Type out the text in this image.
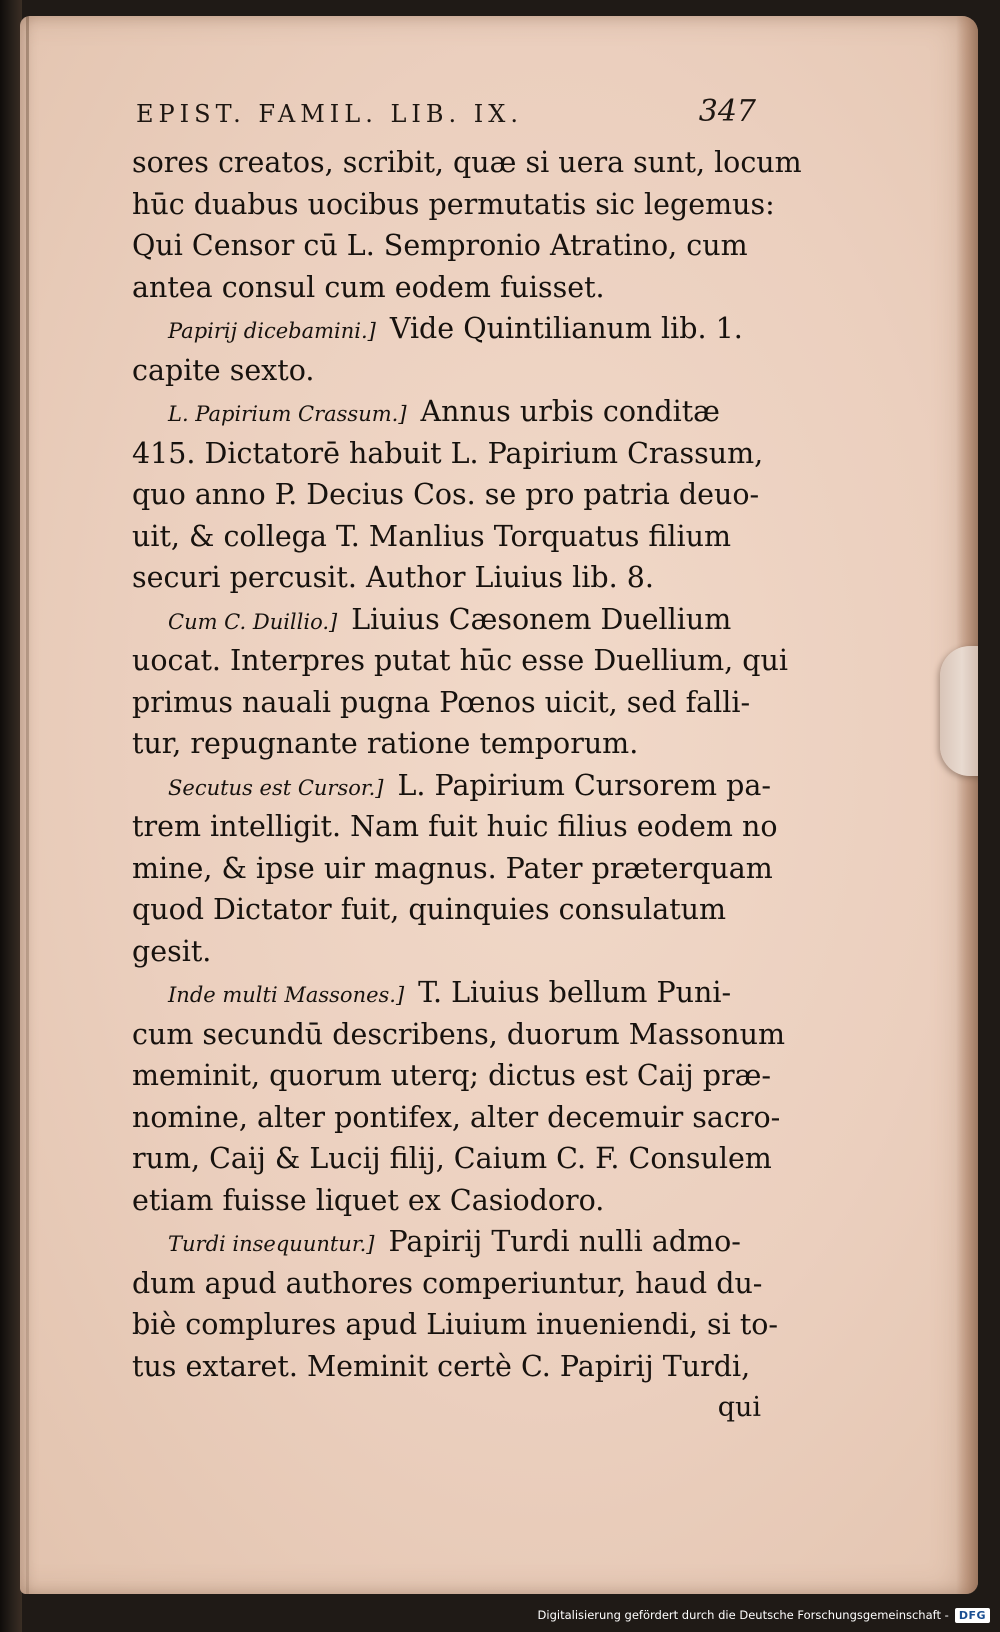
EPIST. FAMIL. LIB. IX.	347
sores creatos, scribit, quæ si uera sunt, locum
hūc duabus uocibus permutatis sic legemus:
Qui Censor cū L. Sempronio Atratino, cum
antea consul cum eodem fuisset.
Papirij dicebamini.] Vide Quintilianum lib. 1.
capite sexto.
L. Papirium Crassum.] Annus urbis conditæ
415. Dictatorē habuit L. Papirium Crassum,
quo anno P. Decius Cos. se pro patria deuo-
uit, & collega T. Manlius Torquatus filium
securi percusit. Author Liuius lib. 8.
Cum C. Duillio.] Liuius Cæsonem Duellium
uocat. Interpres putat hūc esse Duellium, qui
primus nauali pugna Pœnos uicit, sed falli-
tur, repugnante ratione temporum.
Secutus est Cursor.] L. Papirium Cursorem pa-
trem intelligit. Nam fuit huic filius eodem no
mine, & ipse uir magnus. Pater præterquam
quod Dictator fuit, quinquies consulatum
gesit.
Inde multi Massones.] T. Liuius bellum Puni-
cum secundū describens, duorum Massonum
meminit, quorum uterq; dictus est Caij præ-
nomine, alter pontifex, alter decemuir sacro-
rum, Caij & Lucij filij, Caium C. F. Consulem
etiam fuisse liquet ex Casiodoro.
Turdi insequuntur.] Papirij Turdi nulli admo-
dum apud authores comperiuntur, haud du-
biè complures apud Liuium inueniendi, si to-
tus extaret. Meminit certè C. Papirij Turdi,
qui
Digitalisierung gefördert durch die Deutsche Forschungsgemeinschaft - DFG
